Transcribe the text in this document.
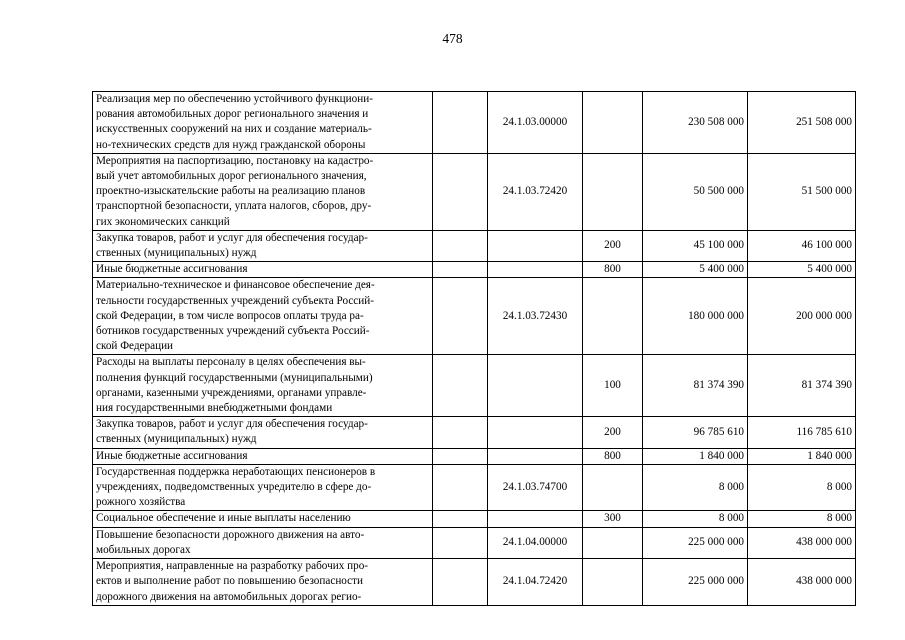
478
Реализация мер по обеспечению устойчивого функциони-
рования автомобильных дорог регионального значения и
искусственных сооружений на них и создание материаль-
но-технических средств для нужд гражданской обороны		24.1.03.00000		230 508 000	251 508 000

Мероприятия на паспортизацию, постановку на кадастро-
вый учет автомобильных дорог регионального значения,
проектно-изыскательские работы на реализацию планов
транспортной безопасности, уплата налогов, сборов, дру-
гих экономических санкций		24.1.03.72420		50 500 000	51 500 000

Закупка товаров, работ и услуг для обеспечения государ-
ственных (муниципальных) нужд			200	45 100 000	46 100 000

Иные бюджетные ассигнования			800	5 400 000	5 400 000

Материально-техническое и финансовое обеспечение дея-
тельности государственных учреждений субъекта Россий-
ской Федерации, в том числе вопросов оплаты труда ра-
ботников государственных учреждений субъекта Россий-
ской Федерации		24.1.03.72430		180 000 000	200 000 000

Расходы на выплаты персоналу в целях обеспечения вы-
полнения функций государственными (муниципальными)
органами, казенными учреждениями, органами управле-
ния государственными внебюджетными фондами			100	81 374 390	81 374 390

Закупка товаров, работ и услуг для обеспечения государ-
ственных (муниципальных) нужд			200	96 785 610	116 785 610

Иные бюджетные ассигнования			800	1 840 000	1 840 000

Государственная поддержка неработающих пенсионеров в
учреждениях, подведомственных учредителю в сфере до-
рожного хозяйства		24.1.03.74700		8 000	8 000

Социальное обеспечение и иные выплаты населению			300	8 000	8 000

Повышение безопасности дорожного движения на авто-
мобильных дорогах		24.1.04.00000		225 000 000	438 000 000

Мероприятия, направленные на разработку рабочих про-
ектов и выполнение работ по повышению безопасности
дорожного движения на автомобильных дорогах регио-		24.1.04.72420		225 000 000	438 000 000
